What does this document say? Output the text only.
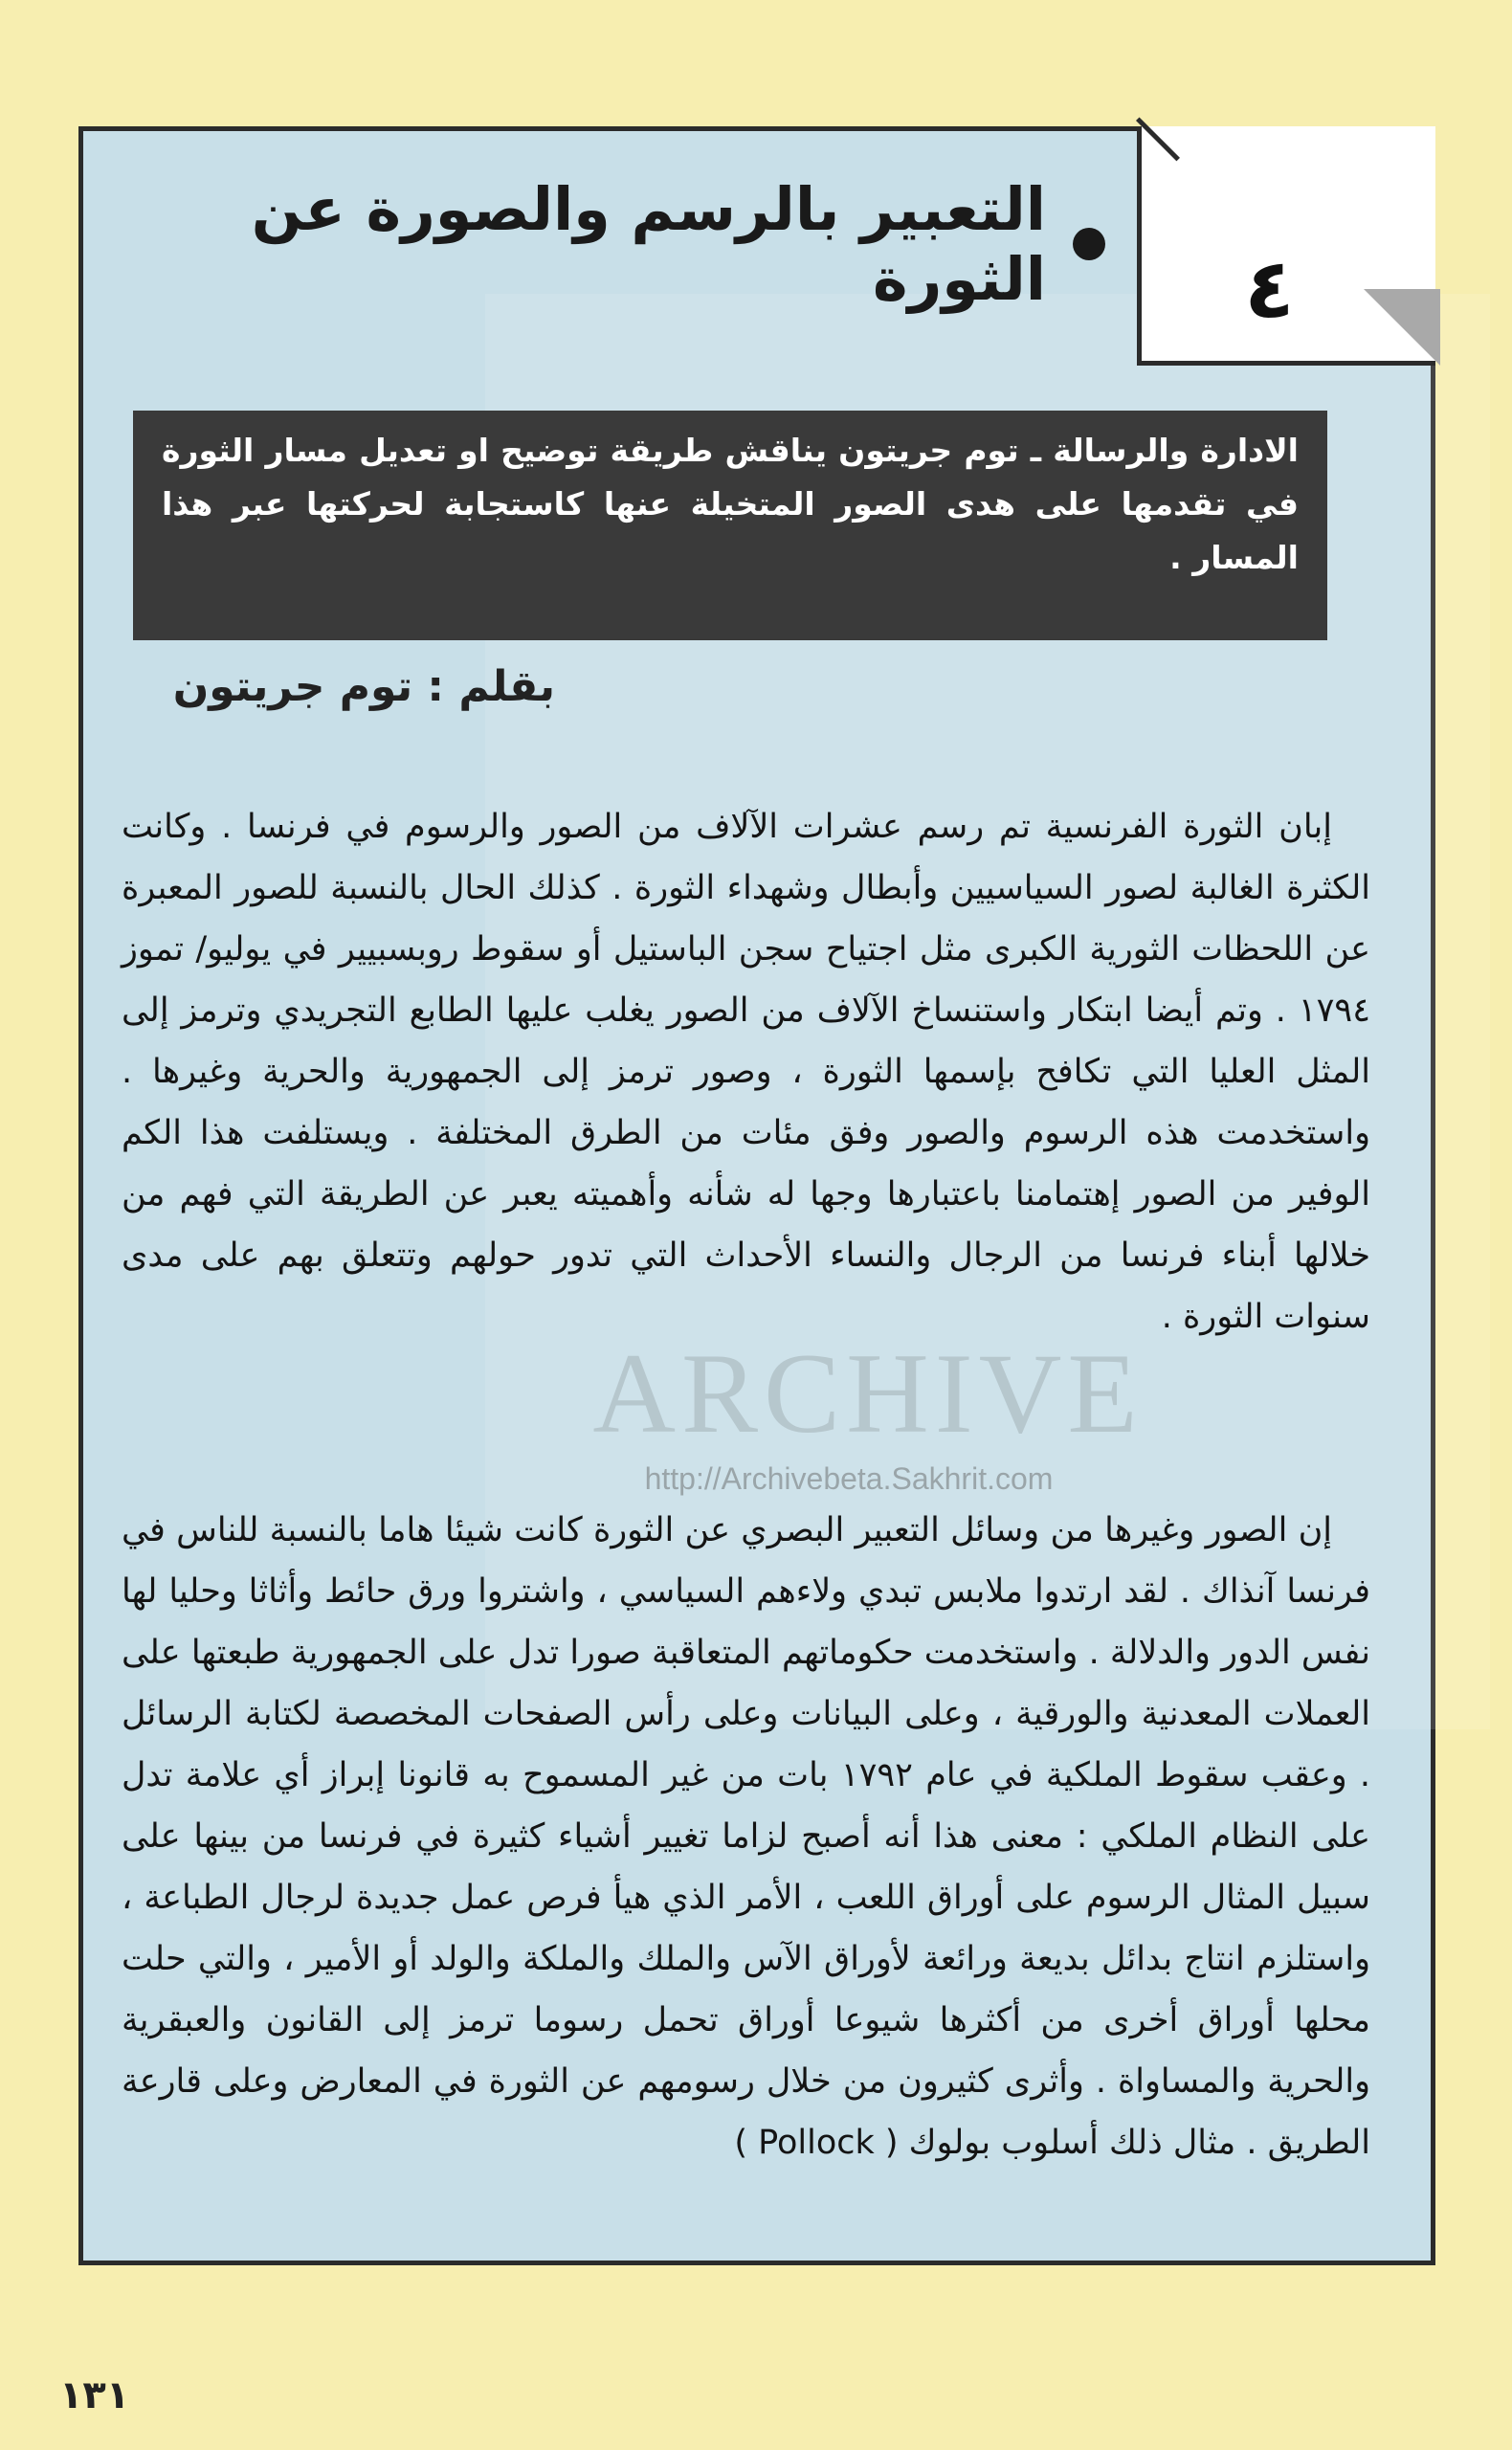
٤
التعبير بالرسم والصورة عن الثورة
الادارة والرسالة ـ توم جريتون يناقش طريقة توضيح او تعديل مسار الثورة في تقدمها على هدى الصور المتخيلة عنها كاستجابة لحركتها عبر هذا المسار .
بقلم : توم جريتون
ARCHIVE
http://Archivebeta.Sakhrit.com

إبان الثورة الفرنسية تم رسم عشرات الآلاف من الصور والرسوم في فرنسا . وكانت الكثرة الغالبة لصور السياسيين وأبطال وشهداء الثورة . كذلك الحال بالنسبة للصور المعبرة عن اللحظات الثورية الكبرى مثل اجتياح سجن الباستيل أو سقوط روبسبيير في يوليو/ تموز ١٧٩٤ . وتم أيضا ابتكار واستنساخ الآلاف من الصور يغلب عليها الطابع التجريدي وترمز إلى المثل العليا التي تكافح بإسمها الثورة ، وصور ترمز إلى الجمهورية والحرية وغيرها . واستخدمت هذه الرسوم والصور وفق مئات من الطرق المختلفة . ويستلفت هذا الكم الوفير من الصور إهتمامنا باعتبارها وجها له شأنه وأهميته يعبر عن الطريقة التي فهم من خلالها أبناء فرنسا من الرجال والنساء الأحداث التي تدور حولهم وتتعلق بهم على مدى سنوات الثورة .

إن الصور وغيرها من وسائل التعبير البصري عن الثورة كانت شيئا هاما بالنسبة للناس في فرنسا آنذاك . لقد ارتدوا ملابس تبدي ولاءهم السياسي ، واشتروا ورق حائط وأثاثا وحليا لها نفس الدور والدلالة . واستخدمت حكوماتهم المتعاقبة صورا تدل على الجمهورية طبعتها على العملات المعدنية والورقية ، وعلى البيانات وعلى رأس الصفحات المخصصة لكتابة الرسائل . وعقب سقوط الملكية في عام ١٧٩٢ بات من غير المسموح به قانونا إبراز أي علامة تدل على النظام الملكي : معنى هذا أنه أصبح لزاما تغيير أشياء كثيرة في فرنسا من بينها على سبيل المثال الرسوم على أوراق اللعب ، الأمر الذي هيأ فرص عمل جديدة لرجال الطباعة ، واستلزم انتاج بدائل بديعة ورائعة لأوراق الآس والملك والملكة والولد أو الأمير ، والتي حلت محلها أوراق أخرى من أكثرها شيوعا أوراق تحمل رسوما ترمز إلى القانون والعبقرية والحرية والمساواة . وأثرى كثيرون من خلال رسومهم عن الثورة في المعارض وعلى قارعة الطريق . مثال ذلك أسلوب بولوك ( Pollock )

١٣١
